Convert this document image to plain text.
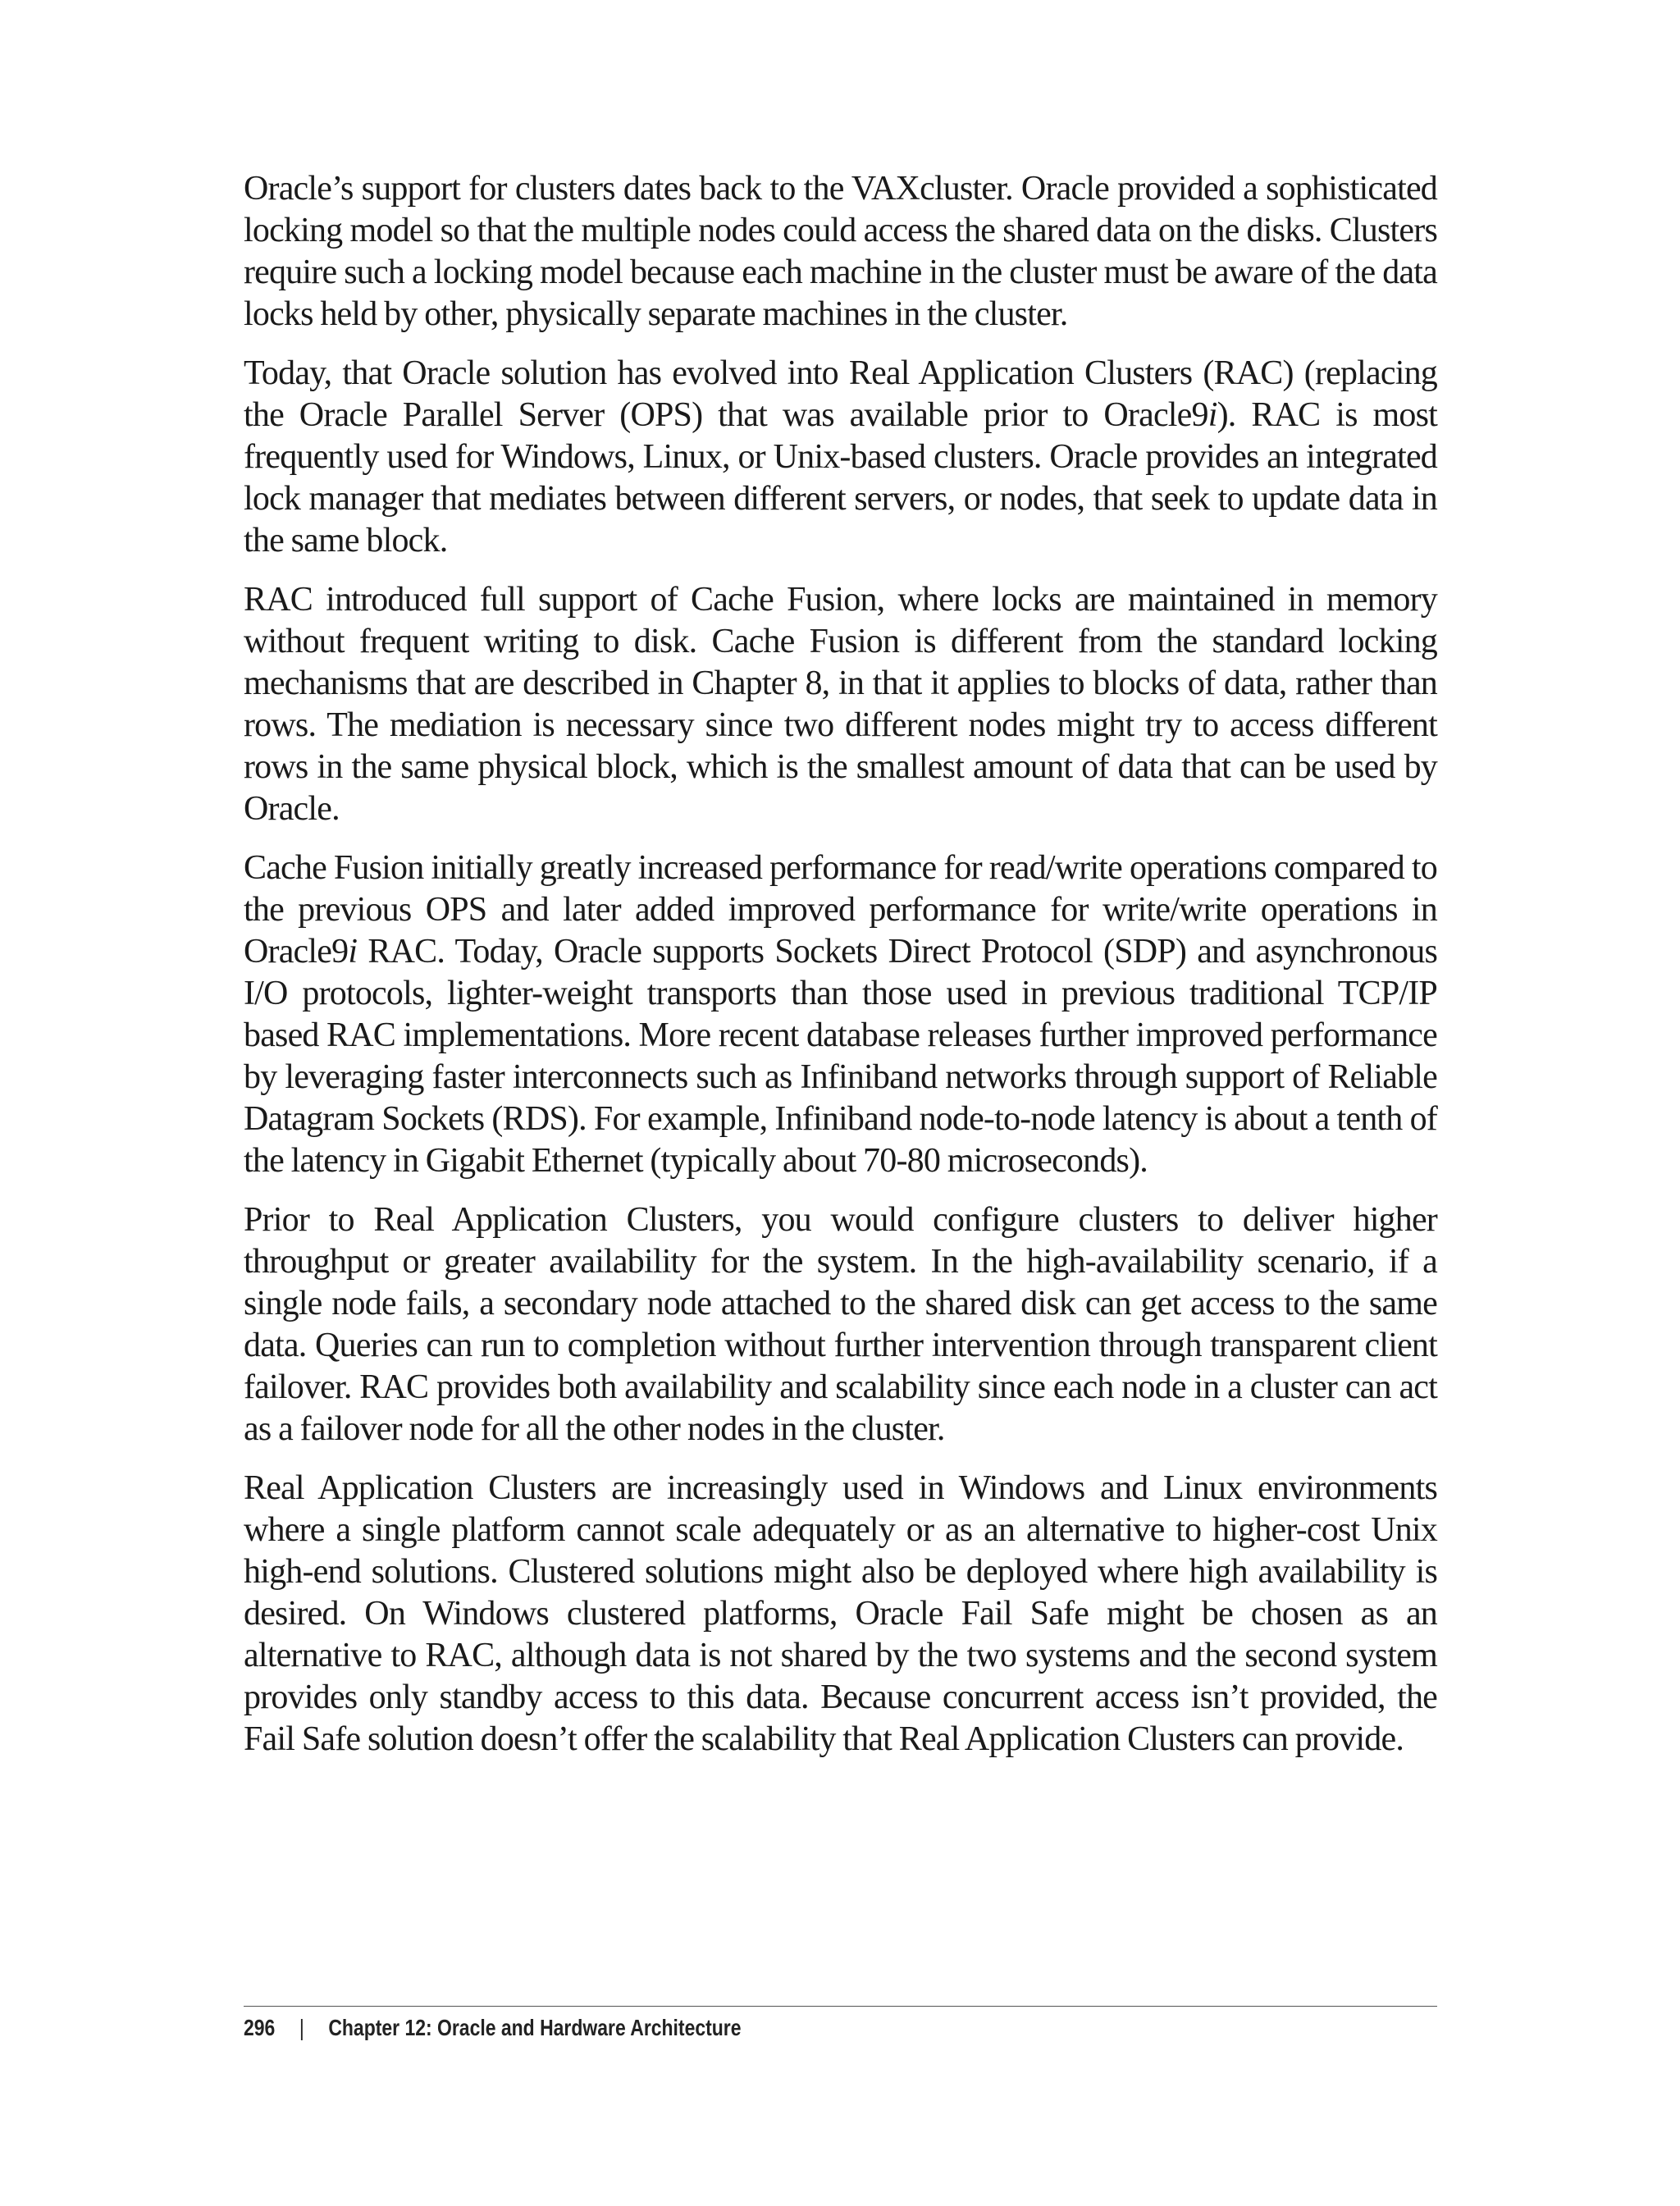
Oracle’s support for clusters dates back to the VAXcluster. Oracle provided a sophisticated locking model so that the multiple nodes could access the shared data on the disks. Clusters require such a locking model because each machine in the cluster must be aware of the data locks held by other, physically separate machines in the cluster.

Today, that Oracle solution has evolved into Real Application Clusters (RAC) (replacing the Oracle Parallel Server (OPS) that was available prior to Oracle9i). RAC is most frequently used for Windows, Linux, or Unix-based clusters. Oracle provides an integrated lock manager that mediates between different servers, or nodes, that seek to update data in the same block.

RAC introduced full support of Cache Fusion, where locks are maintained in memory without frequent writing to disk. Cache Fusion is different from the standard locking mechanisms that are described in Chapter 8, in that it applies to blocks of data, rather than rows. The mediation is necessary since two different nodes might try to access different rows in the same physical block, which is the smallest amount of data that can be used by Oracle.

Cache Fusion initially greatly increased performance for read/write operations compared to the previous OPS and later added improved performance for write/write operations in Oracle9i RAC. Today, Oracle supports Sockets Direct Protocol (SDP) and asynchronous I/O protocols, lighter-weight transports than those used in previous traditional TCP/IP based RAC implementations. More recent database releases further improved performance by leveraging faster interconnects such as Infiniband networks through support of Reliable Datagram Sockets (RDS). For example, Infiniband node-to-node latency is about a tenth of the latency in Gigabit Ethernet (typically about 70-80 microseconds).

Prior to Real Application Clusters, you would configure clusters to deliver higher throughput or greater availability for the system. In the high-availability scenario, if a single node fails, a secondary node attached to the shared disk can get access to the same data. Queries can run to completion without further intervention through transparent client failover. RAC provides both availability and scalability since each node in a cluster can act as a failover node for all the other nodes in the cluster.

Real Application Clusters are increasingly used in Windows and Linux environments where a single platform cannot scale adequately or as an alternative to higher-cost Unix high-end solutions. Clustered solutions might also be deployed where high availability is desired. On Windows clustered platforms, Oracle Fail Safe might be chosen as an alternative to RAC, although data is not shared by the two systems and the second system provides only standby access to this data. Because concurrent access isn’t provided, the Fail Safe solution doesn’t offer the scalability that Real Application Clusters can provide.

296 | Chapter 12: Oracle and Hardware Architecture
